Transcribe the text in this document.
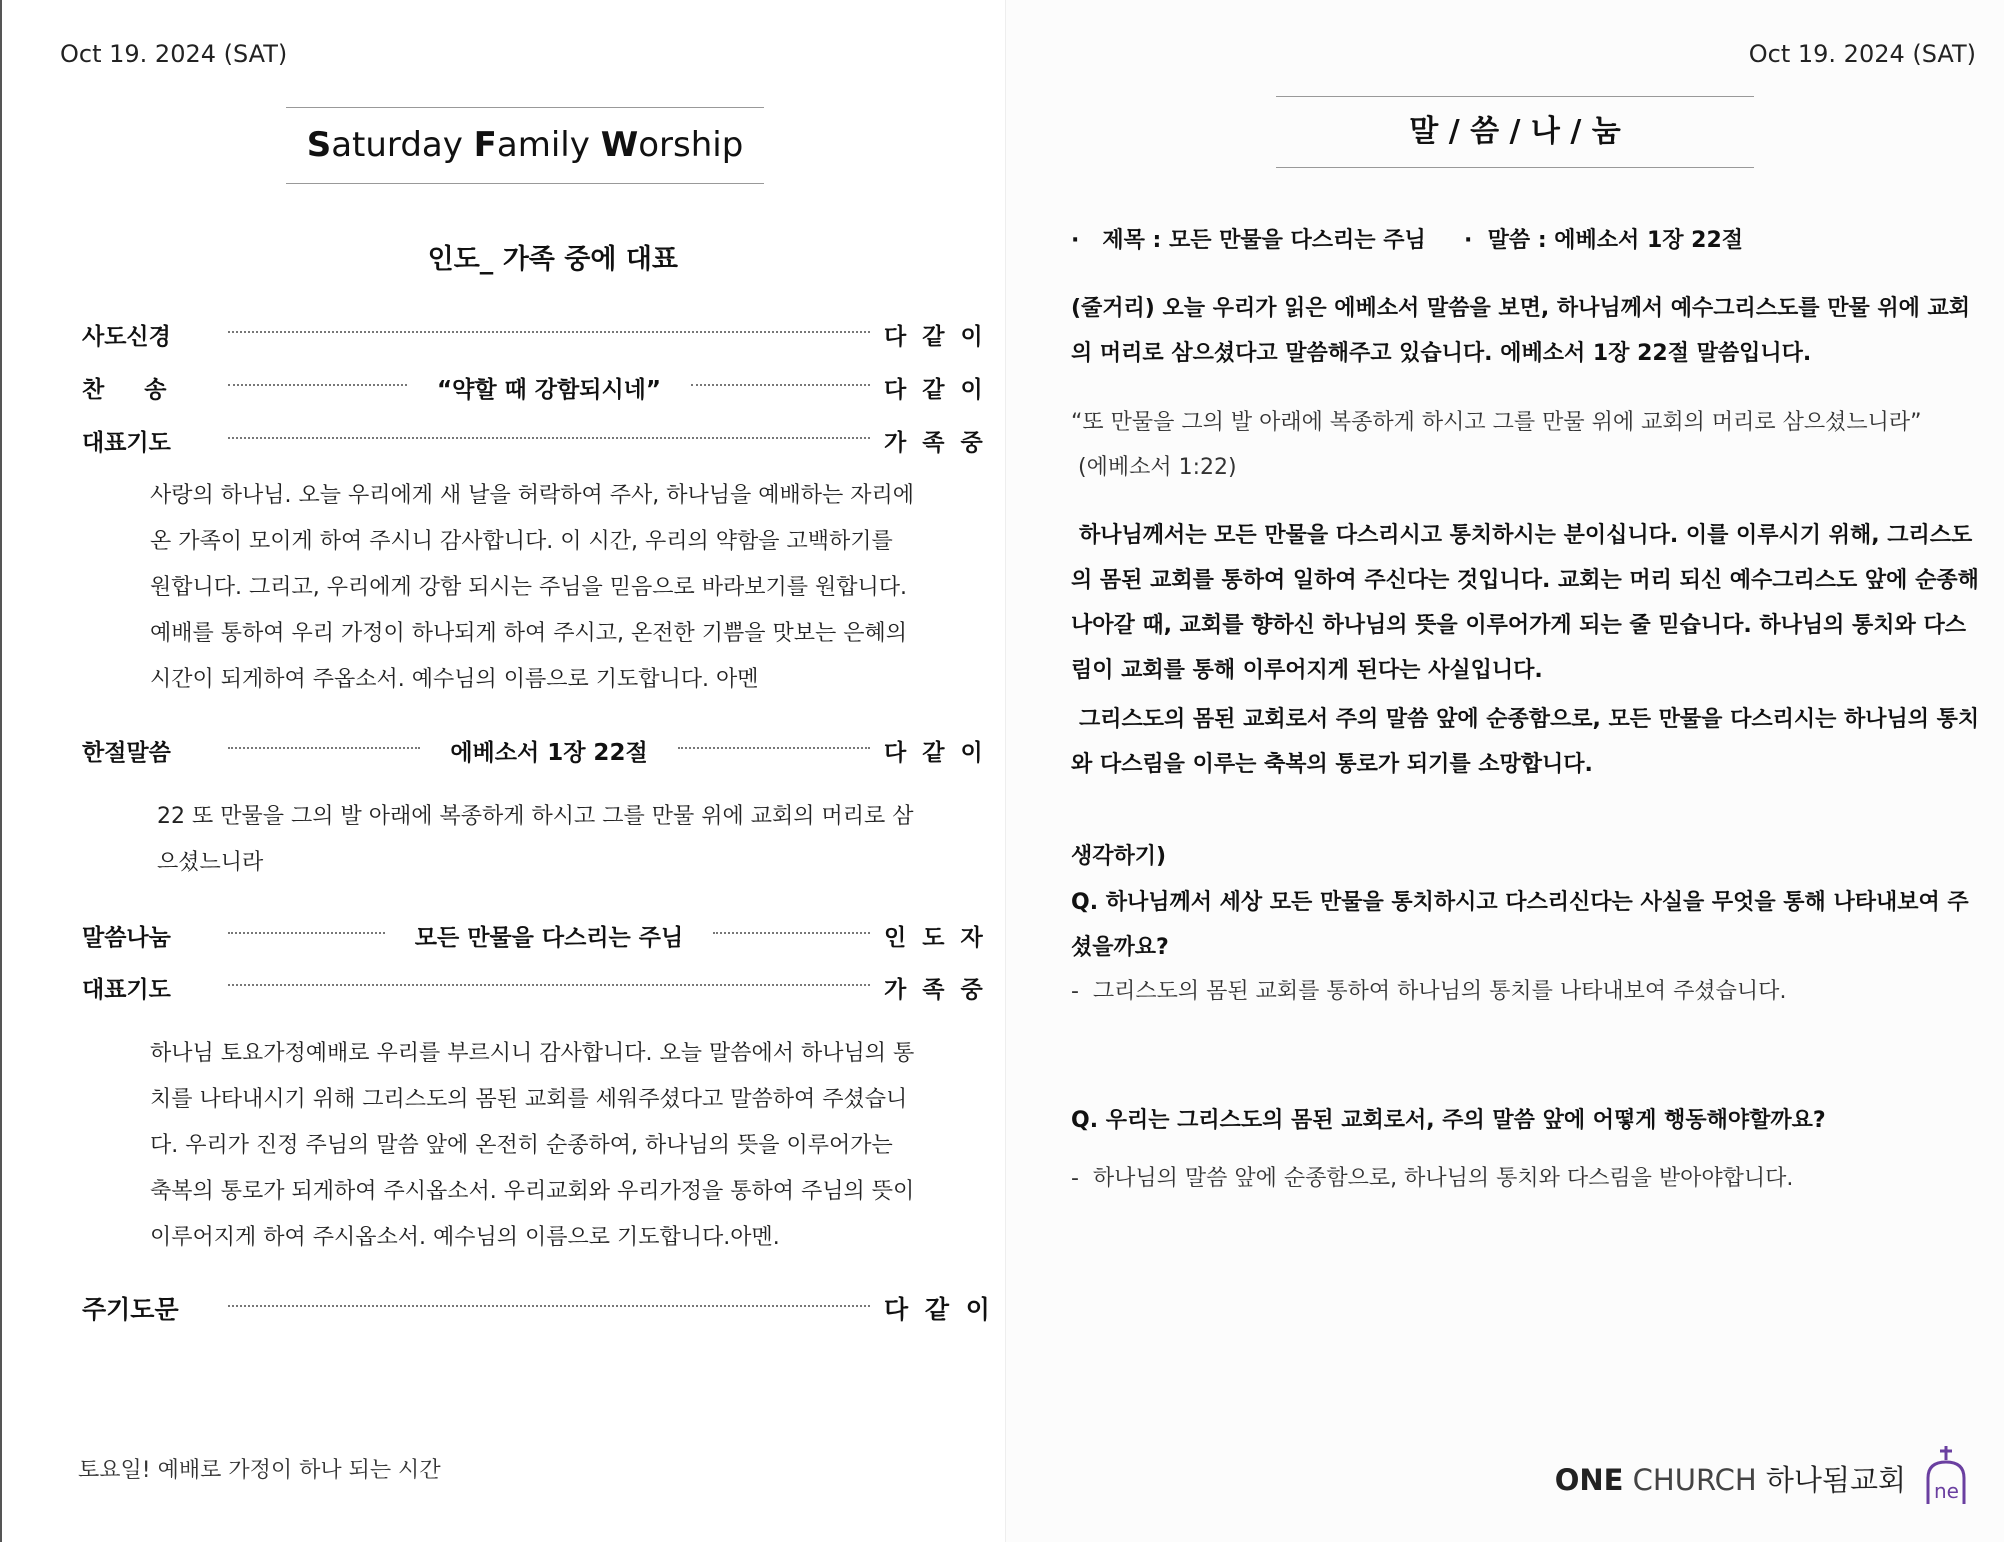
Oct 19. 2024 (SAT)
Saturday Family Worship
인도_ 가족 중에 대표
사도신경	다 같 이
찬     송	“약할 때 강함되시네”	다 같 이
대표기도	가 족 중
사랑의 하나님. 오늘 우리에게 새 날을 허락하여 주사, 하나님을 예배하는 자리에 온 가족이 모이게 하여 주시니 감사합니다. 이 시간, 우리의 약함을 고백하기를 원합니다. 그리고, 우리에게 강함 되시는 주님을 믿음으로 바라보기를 원합니다. 예배를 통하여 우리 가정이 하나되게 하여 주시고, 온전한 기쁨을 맛보는 은혜의 시간이 되게하여 주옵소서. 예수님의 이름으로 기도합니다. 아멘
한절말씀	에베소서 1장 22절	다 같 이
22 또 만물을 그의 발 아래에 복종하게 하시고 그를 만물 위에 교회의 머리로 삼으셨느니라
말씀나눔	모든 만물을 다스리는 주님	인 도 자
대표기도	가 족 중
하나님 토요가정예배로 우리를 부르시니 감사합니다. 오늘 말씀에서 하나님의 통치를 나타내시기 위해 그리스도의 몸된 교회를 세워주셨다고 말씀하여 주셨습니다. 우리가 진정 주님의 말씀 앞에 온전히 순종하여, 하나님의 뜻을 이루어가는 축복의 통로가 되게하여 주시옵소서. 우리교회와 우리가정을 통하여 주님의 뜻이 이루어지게 하여 주시옵소서. 예수님의 이름으로 기도합니다.아멘.
주기도문	다 같 이
토요일! 예배로 가정이 하나 되는 시간
Oct 19. 2024 (SAT)
말 / 씀 / 나 / 눔
·   제목 : 모든 만물을 다스리는 주님     ·  말씀 : 에베소서 1장 22절
(줄거리) 오늘 우리가 읽은 에베소서 말씀을 보면, 하나님께서 예수그리스도를 만물 위에 교회의 머리로 삼으셨다고 말씀해주고 있습니다. 에베소서 1장 22절 말씀입니다.
“또 만물을 그의 발 아래에 복종하게 하시고 그를 만물 위에 교회의 머리로 삼으셨느니라”
(에베소서 1:22)
하나님께서는 모든 만물을 다스리시고 통치하시는 분이십니다. 이를 이루시기 위해, 그리스도의 몸된 교회를 통하여 일하여 주신다는 것입니다. 교회는 머리 되신 예수그리스도 앞에 순종해 나아갈 때, 교회를 향하신 하나님의 뜻을 이루어가게 되는 줄 믿습니다. 하나님의 통치와 다스림이 교회를 통해 이루어지게 된다는 사실입니다.
그리스도의 몸된 교회로서 주의 말씀 앞에 순종함으로, 모든 만물을 다스리시는 하나님의 통치와 다스림을 이루는 축복의 통로가 되기를 소망합니다.
생각하기)
Q. 하나님께서 세상 모든 만물을 통치하시고 다스리신다는 사실을 무엇을 통해 나타내보여 주셨을까요?
-  그리스도의 몸된 교회를 통하여 하나님의 통치를 나타내보여 주셨습니다.
Q. 우리는 그리스도의 몸된 교회로서, 주의 말씀 앞에 어떻게 행동해야할까요?
-  하나님의 말씀 앞에 순종함으로, 하나님의 통치와 다스림을 받아야합니다.
ONE CHURCH 하나됨교회 ne
